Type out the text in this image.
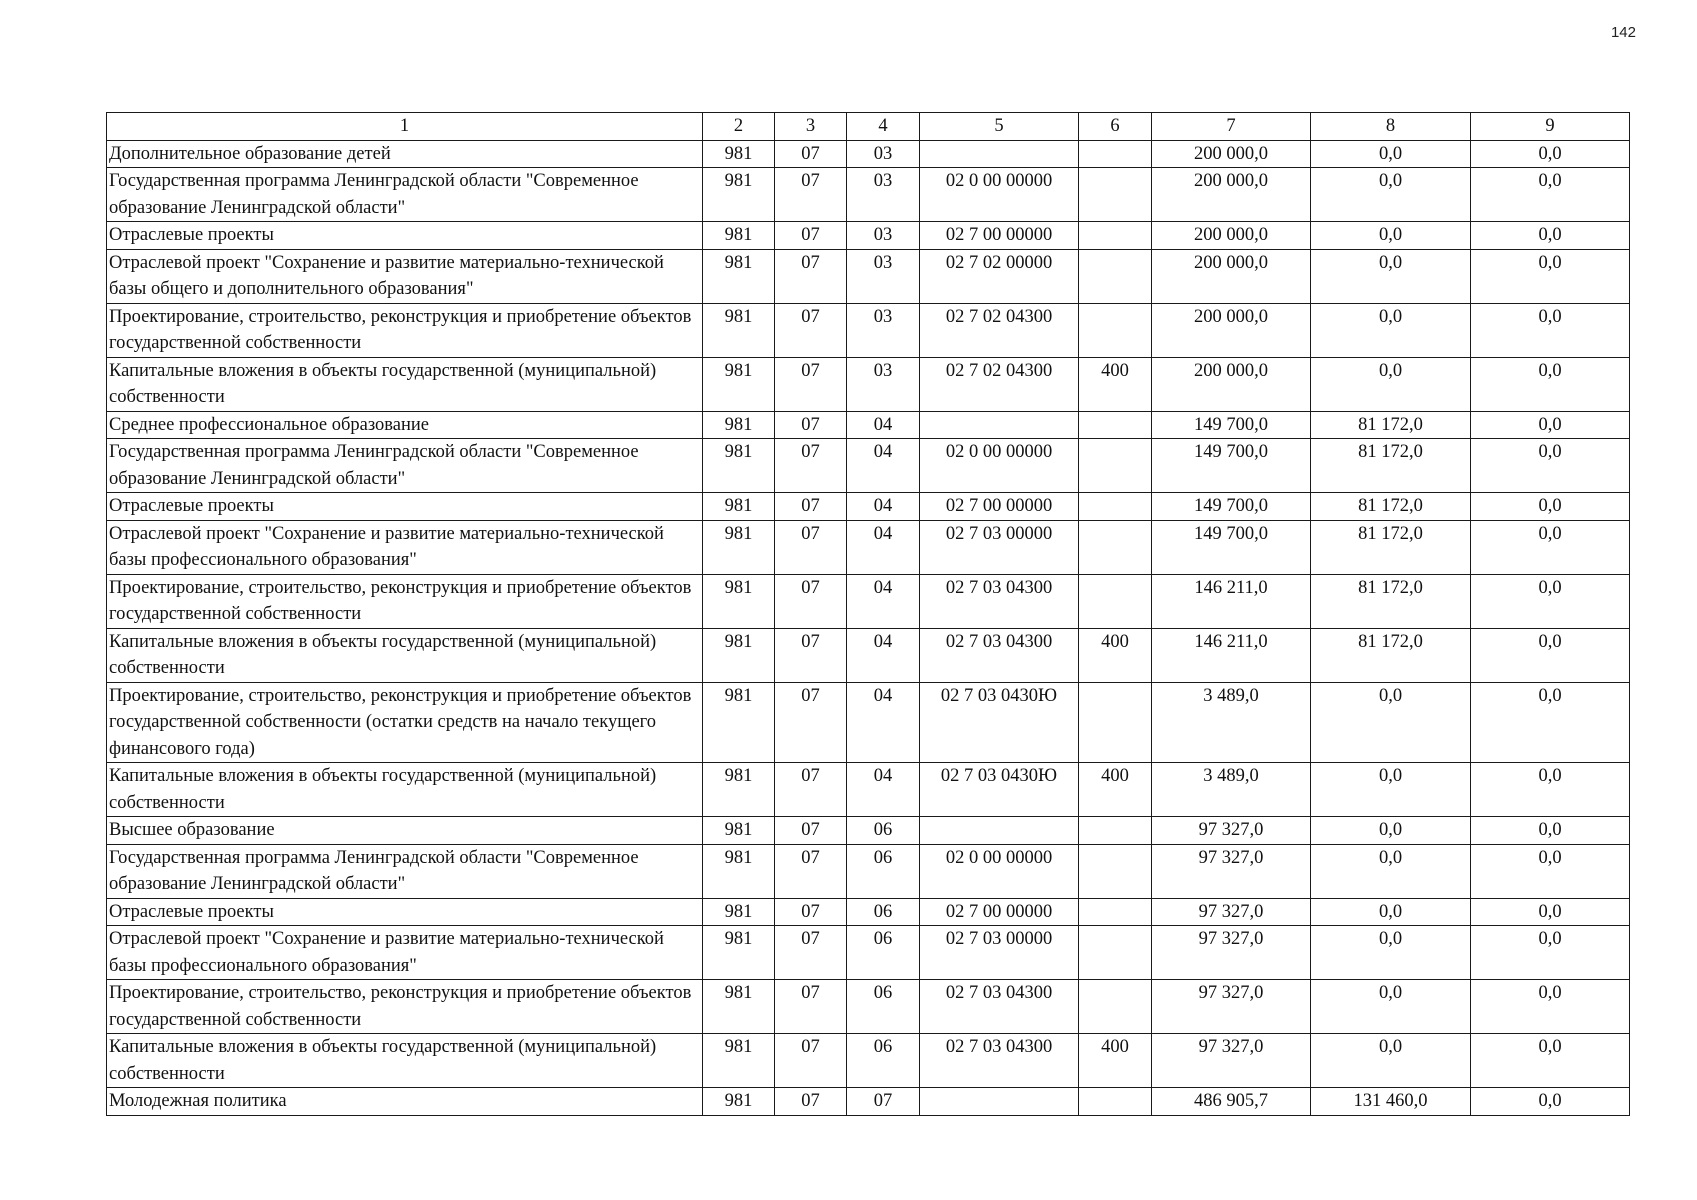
142
1	2	3	4	5	6	7	8	9
Дополнительное образование детей	981	07	03			200 000,0	0,0	0,0
Государственная программа Ленинградской области "Современное образование Ленинградской области"	981	07	03	02 0 00 00000		200 000,0	0,0	0,0
Отраслевые проекты	981	07	03	02 7 00 00000		200 000,0	0,0	0,0
Отраслевой проект "Сохранение и развитие материально-технической базы общего и дополнительного образования"	981	07	03	02 7 02 00000		200 000,0	0,0	0,0
Проектирование, строительство, реконструкция и приобретение объектов государственной собственности	981	07	03	02 7 02 04300		200 000,0	0,0	0,0
Капитальные вложения в объекты государственной (муниципальной) собственности	981	07	03	02 7 02 04300	400	200 000,0	0,0	0,0
Среднее профессиональное образование	981	07	04			149 700,0	81 172,0	0,0
Государственная программа Ленинградской области "Современное образование Ленинградской области"	981	07	04	02 0 00 00000		149 700,0	81 172,0	0,0
Отраслевые проекты	981	07	04	02 7 00 00000		149 700,0	81 172,0	0,0
Отраслевой проект "Сохранение и развитие материально-технической базы профессионального образования"	981	07	04	02 7 03 00000		149 700,0	81 172,0	0,0
Проектирование, строительство, реконструкция и приобретение объектов государственной собственности	981	07	04	02 7 03 04300		146 211,0	81 172,0	0,0
Капитальные вложения в объекты государственной (муниципальной) собственности	981	07	04	02 7 03 04300	400	146 211,0	81 172,0	0,0
Проектирование, строительство, реконструкция и приобретение объектов государственной собственности (остатки средств на начало текущего финансового года)	981	07	04	02 7 03 0430Ю		3 489,0	0,0	0,0
Капитальные вложения в объекты государственной (муниципальной) собственности	981	07	04	02 7 03 0430Ю	400	3 489,0	0,0	0,0
Высшее образование	981	07	06			97 327,0	0,0	0,0
Государственная программа Ленинградской области "Современное образование Ленинградской области"	981	07	06	02 0 00 00000		97 327,0	0,0	0,0
Отраслевые проекты	981	07	06	02 7 00 00000		97 327,0	0,0	0,0
Отраслевой проект "Сохранение и развитие материально-технической базы профессионального образования"	981	07	06	02 7 03 00000		97 327,0	0,0	0,0
Проектирование, строительство, реконструкция и приобретение объектов государственной собственности	981	07	06	02 7 03 04300		97 327,0	0,0	0,0
Капитальные вложения в объекты государственной (муниципальной) собственности	981	07	06	02 7 03 04300	400	97 327,0	0,0	0,0
Молодежная политика	981	07	07			486 905,7	131 460,0	0,0
